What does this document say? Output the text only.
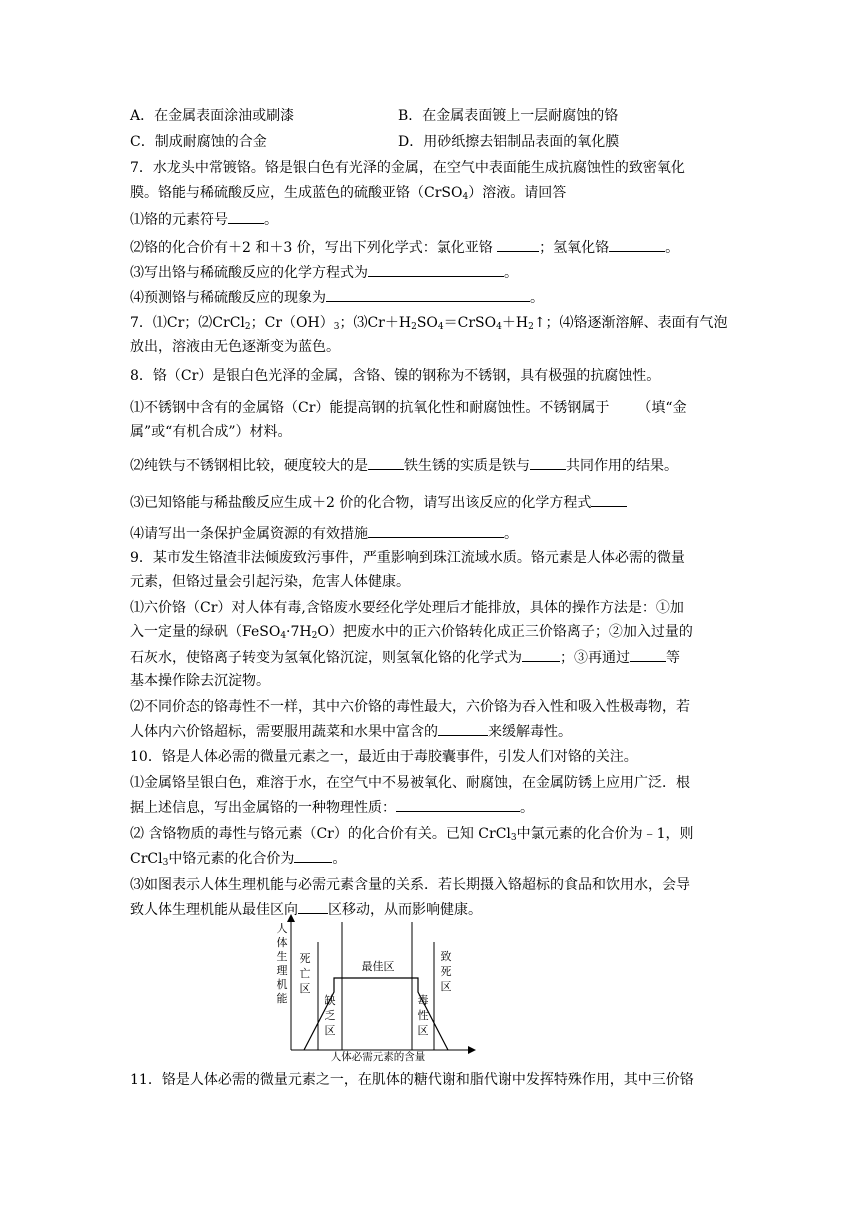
A．在金属表面涂油或刷漆	B．在金属表面镀上一层耐腐蚀的铬
C．制成耐腐蚀的合金	D．用砂纸擦去铝制品表面的氧化膜
7．水龙头中常镀铬。铬是银白色有光泽的金属，在空气中表面能生成抗腐蚀性的致密氧化
膜。铬能与稀硫酸反应，生成蓝色的硫酸亚铬（CrSO$_4$）溶液。请回答
⑴铬的元素符号	。
⑵铬的化合价有＋2 和＋3 价，写出下列化学式：氯化亚铬	；氢氧化铬	。
⑶写出铬与稀硫酸反应的化学方程式为	。
⑷预测铬与稀硫酸反应的现象为	。
7．⑴Cr；⑵CrCl$_2$；$Cr(OH)_3$；$⑶Cr+H_2SO_4=CrSO_4+H_2↑$；⑷铬逐渐溶解、表面有气泡
放出，溶液由无色逐渐变为蓝色。
8．铬（Cr）是银白色光泽的金属，含铬、镍的钢称为不锈钢，具有极强的抗腐蚀性。
⑴不锈钢中含有的金属铬（Cr）能提高钢的抗氧化性和耐腐蚀性。不锈钢属于 （填“金
属”或“有机合成”）材料。
⑵纯铁与不锈钢相比较，硬度较大的是	铁生锈的实质是铁与	共同作用的结果。
⑶已知铬能与稀盐酸反应生成＋2 价的化合物，请写出该反应的化学方程式
⑷请写出一条保护金属资源的有效措施	。
9．某市发生铬渣非法倾废致污事件，严重影响到珠江流域水质。铬元素是人体必需的微量
元素，但铬过量会引起污染，危害人体健康。
⑴六价铬（Cr）对人体有毒,含铬废水要经化学处理后才能排放，具体的操作方法是：①加
入一定量的绿矾$(FeSO_4\cdot 7H_2O)$把废水中的正六价铬转化成正三价铬离子；②加入过量的
石灰水，使铬离子转变为氢氧化铬沉淀，则氢氧化铬的化学式为	；③再通过	等
基本操作除去沉淀物。
⑵不同价态的铬毒性不一样，其中六价铬的毒性最大，六价铬为吞入性和吸入性极毒物，若
人体内六价铬超标，需要服用蔬菜和水果中富含的	来缓解毒性。
10．铬是人体必需的微量元素之一，最近由于毒胶囊事件，引发人们对铬的关注。
⑴金属铬呈银白色，难溶于水，在空气中不易被氧化、耐腐蚀，在金属防锈上应用广泛．根
据上述信息，写出金属铬的一种物理性质：	。
⑵ 含铬物质的毒性与铬元素（Cr）的化合价有关。已知 CrCl$_3$中氯元素的化合价为﹣1，则
CrCl$_3$中铬元素的化合价为	。
⑶如图表示人体生理机能与必需元素含量的关系．若长期摄入铬超标的食品和饮用水，会导
致人体生理机能从最佳区向 区移动，从而影响健康。
人体生理机能
死亡区
缺乏区
毒性区
致死区
最佳区
人体必需元素的含量
11．铬是人体必需的微量元素之一，在肌体的糖代谢和脂代谢中发挥特殊作用，其中三价铬
